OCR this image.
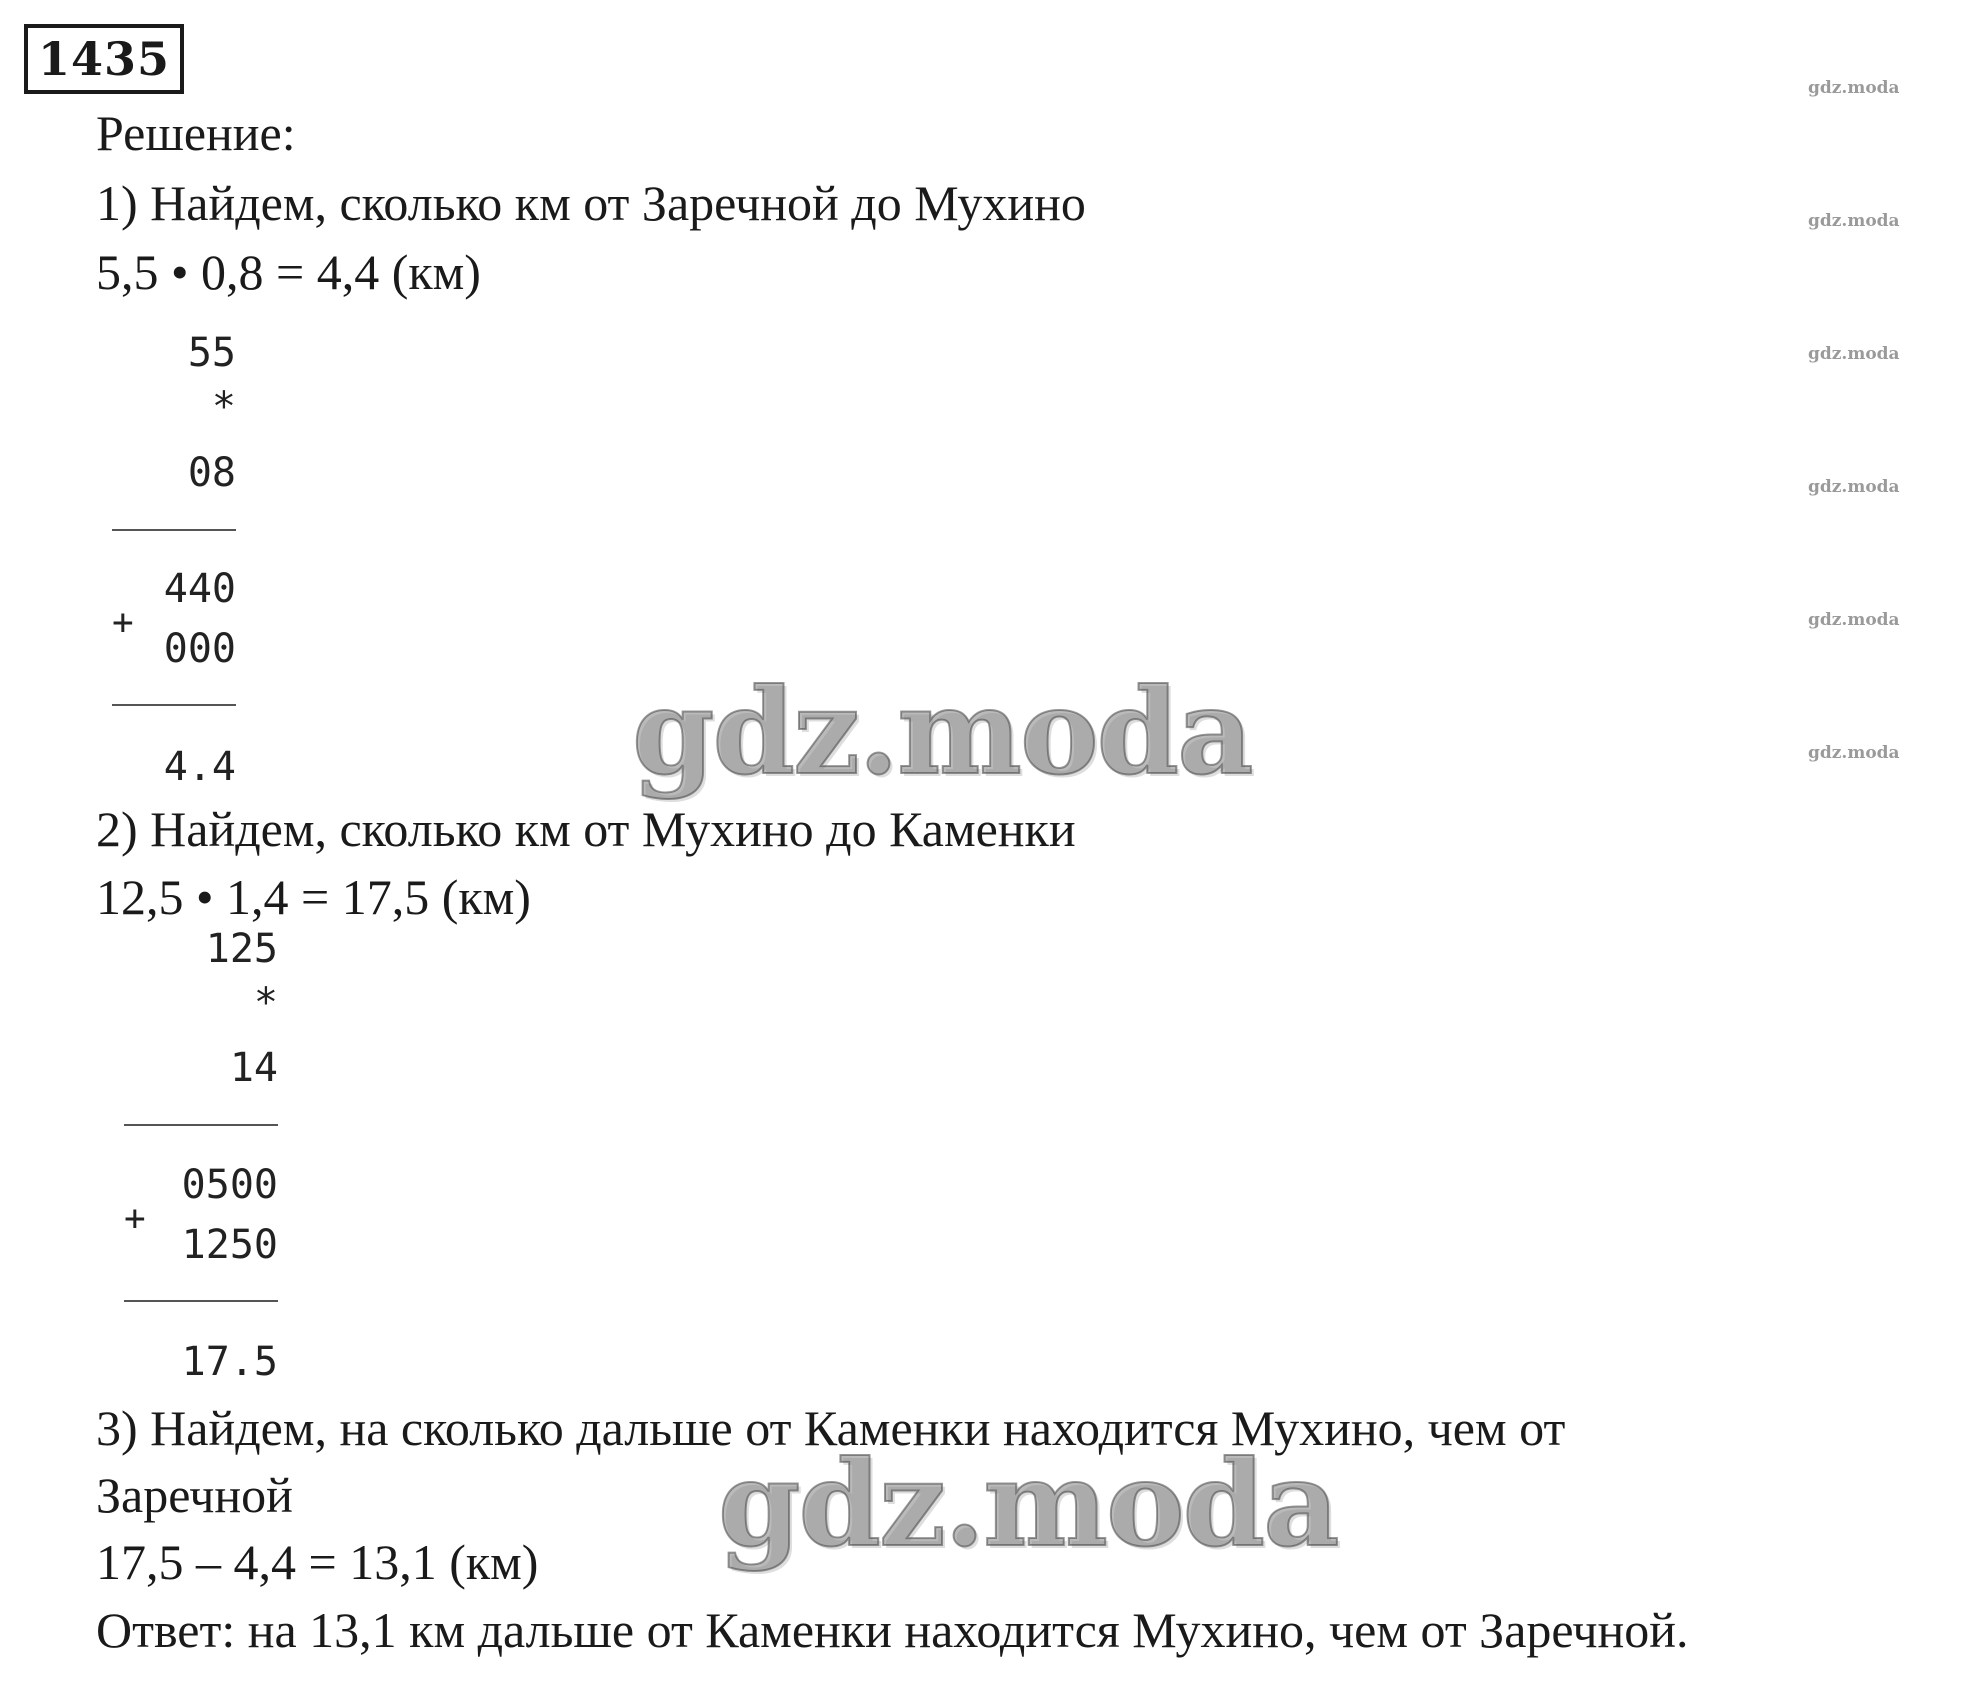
1435
Решение:
1) Найдем, сколько км от Заречной до Мухино
5,5 • 0,8 = 4,4 (км)
55
*
08
440
+
000
4.4
2) Найдем, сколько км от Мухино до Каменки
12,5 • 1,4 = 17,5 (км)
125
*
14
0500
+
1250
17.5
3) Найдем, на сколько дальше от Каменки находится Мухино, чем от
Заречной
17,5 – 4,4 = 13,1 (км)
Ответ: на 13,1 км дальше от Каменки находится Мухино, чем от Заречной.
gdz.moda
gdz.moda
gdz.moda
gdz.moda
gdz.moda
gdz.moda
gdz.moda
gdz.moda
